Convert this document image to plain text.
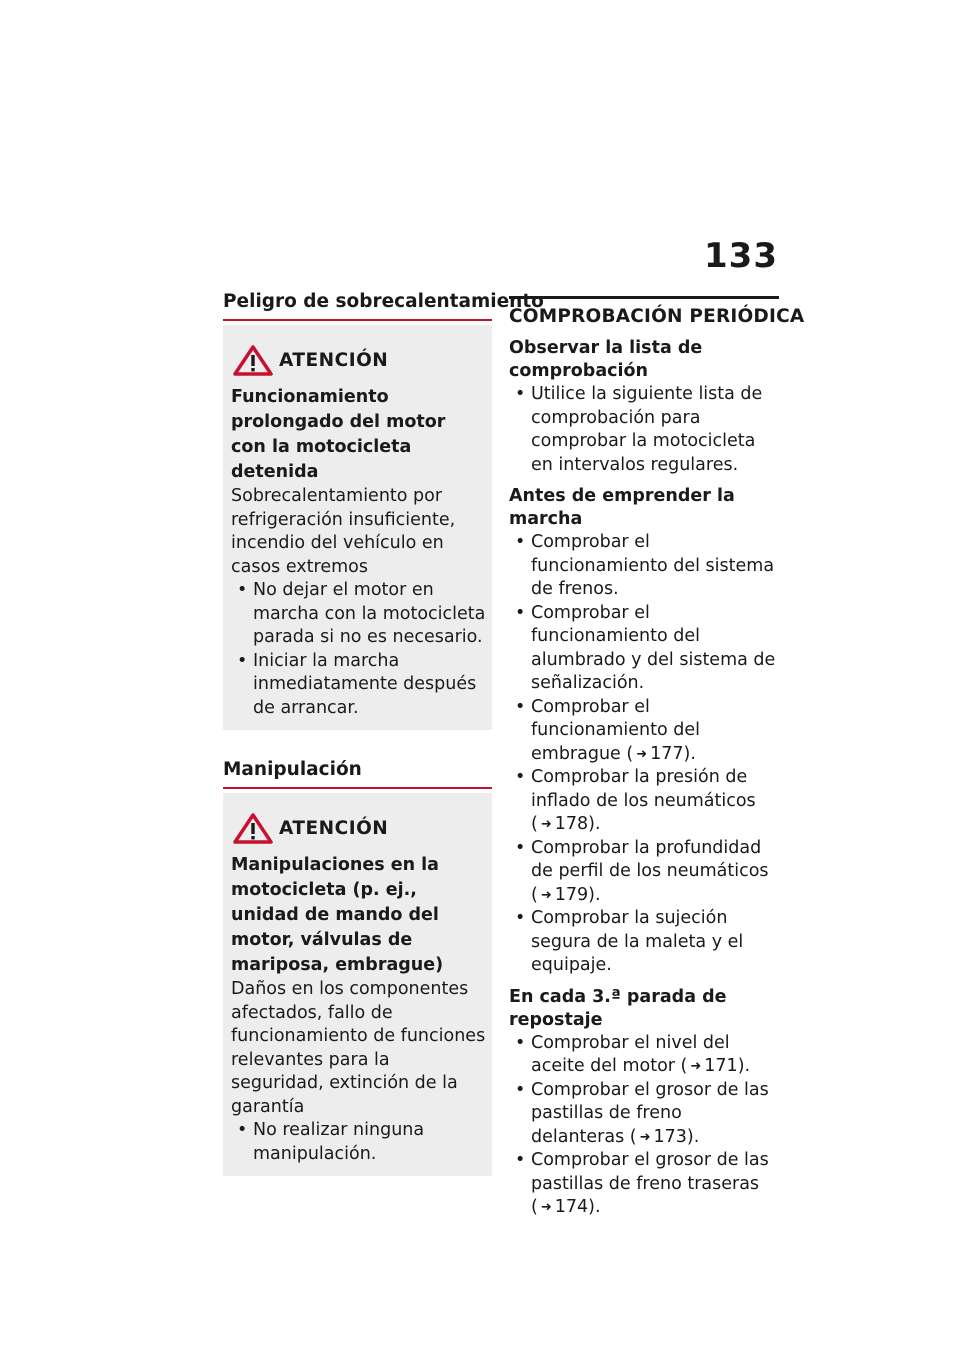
133
Peligro de sobrecalentamiento
ATENCIÓN
Funcionamiento prolongado del motor con la motocicleta detenida
Sobrecalentamiento por refrigeración insuficiente, incendio del vehículo en casos extremos
• No dejar el motor en marcha con la motocicleta parada si no es necesario.
• Iniciar la marcha inmediatamente después de arrancar.
Manipulación
ATENCIÓN
Manipulaciones en la motocicleta (p. ej., unidad de mando del motor, válvulas de mariposa, embrague)
Daños en los componentes afectados, fallo de funcionamiento de funciones relevantes para la seguridad, extinción de la garantía
• No realizar ninguna manipulación.
COMPROBACIÓN PERIÓDICA
Observar la lista de comprobación
• Utilice la siguiente lista de comprobación para comprobar la motocicleta en intervalos regulares.
Antes de emprender la marcha
• Comprobar el funcionamiento del sistema de frenos.
• Comprobar el funcionamiento del alumbrado y del sistema de señalización.
• Comprobar el funcionamiento del embrague ( ➜ 177).
• Comprobar la presión de inflado de los neumáticos ( ➜ 178).
• Comprobar la profundidad de perfil de los neumáticos ( ➜ 179).
• Comprobar la sujeción segura de la maleta y el equipaje.
En cada 3.ª parada de repostaje
• Comprobar el nivel del aceite del motor ( ➜ 171).
• Comprobar el grosor de las pastillas de freno delanteras ( ➜ 173).
• Comprobar el grosor de las pastillas de freno traseras ( ➜ 174).
